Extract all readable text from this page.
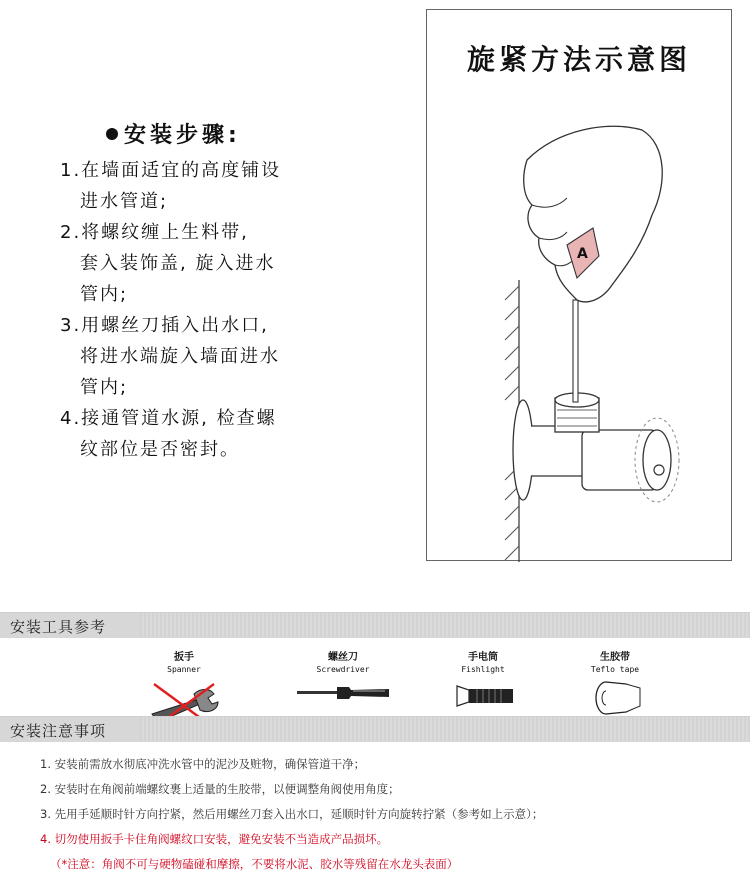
安装步骤:
1.在墙面适宜的高度铺设
进水管道;
2.将螺纹缠上生料带,
套入装饰盖, 旋入进水
管内;
3.用螺丝刀插入出水口,
将进水端旋入墙面进水
管内;
4.接通管道水源, 检查螺
纹部位是否密封。
旋紧方法示意图
A
安装工具参考
扳手
Spanner
螺丝刀
Screwdriver
手电筒
Fishlight
生胶带
Teflo tape
安装注意事项
1. 安装前需放水彻底冲洗水管中的泥沙及赃物，确保管道干净；
2. 安装时在角阀前端螺纹裹上适量的生胶带，以便调整角阀使用角度；
3. 先用手延顺时针方向拧紧，然后用螺丝刀套入出水口，延顺时针方向旋转拧紧（参考如上示意）；
4. 切勿使用扳手卡住角阀螺纹口安装，避免安装不当造成产品损坏。
（*注意：角阀不可与硬物磕碰和摩擦，不要将水泥、胶水等残留在水龙头表面）
